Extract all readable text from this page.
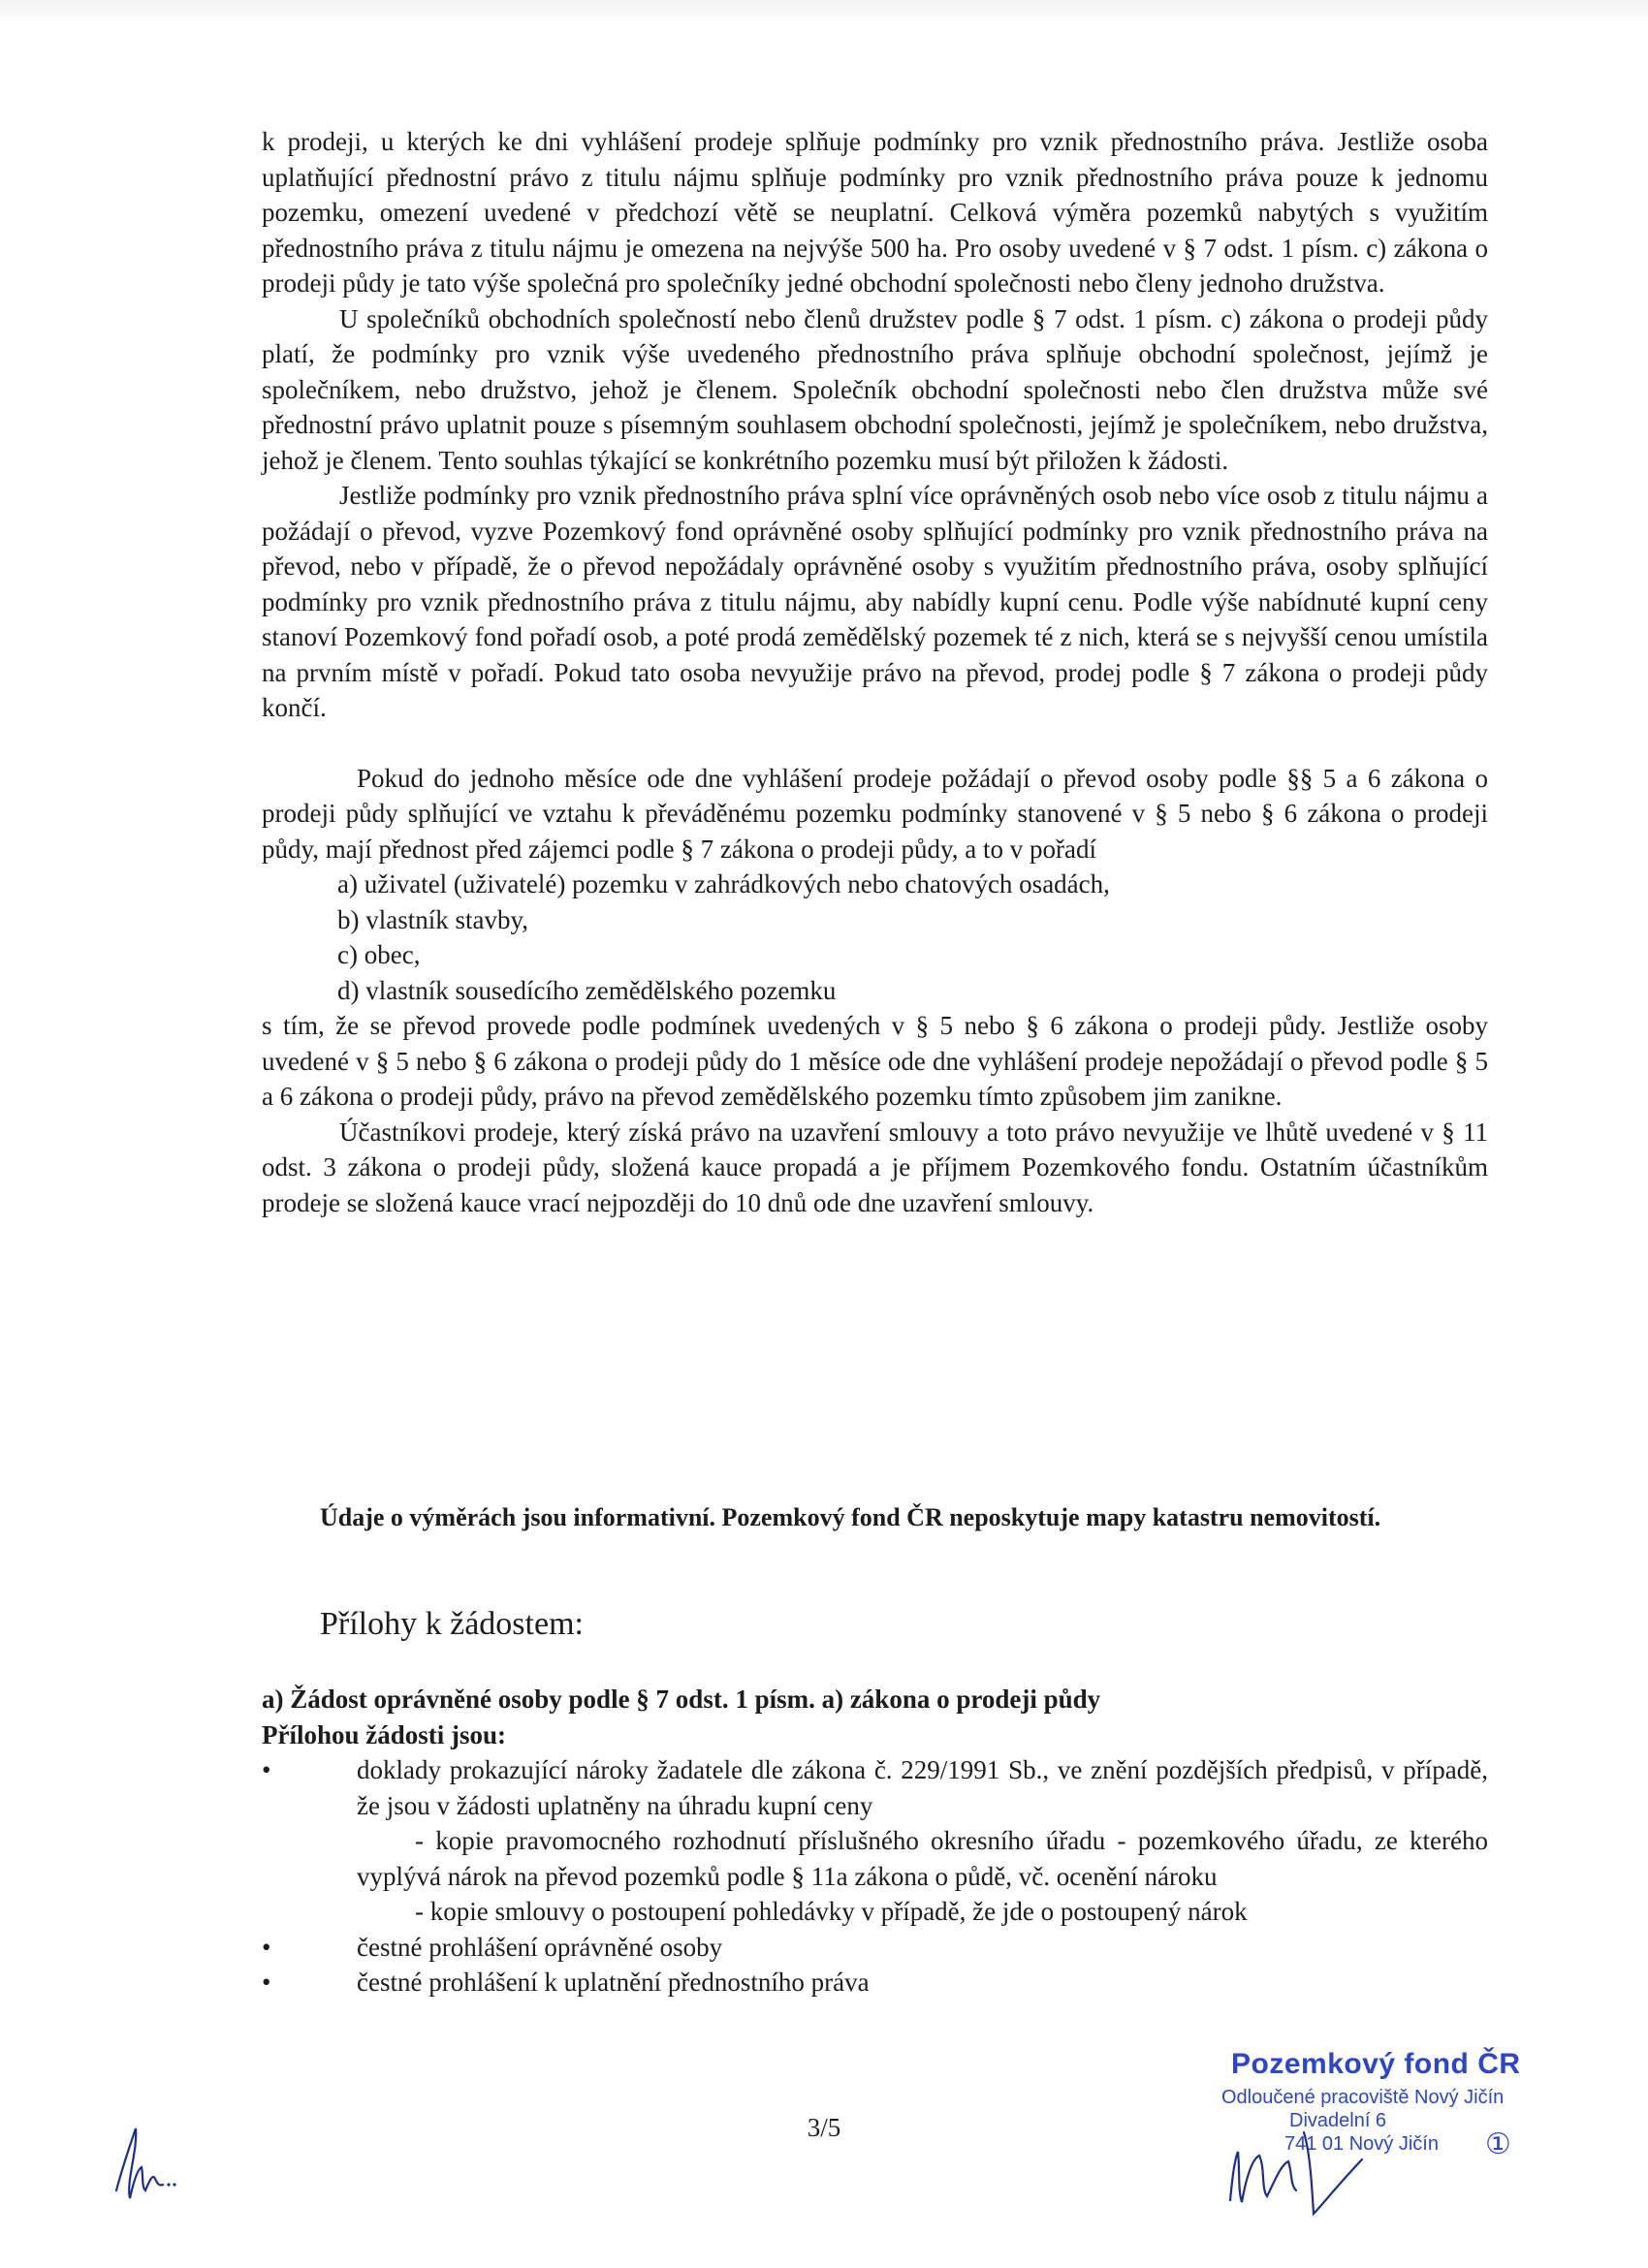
k prodeji, u kterých ke dni vyhlášení prodeje splňuje podmínky pro vznik přednostního práva. Jestliže osoba uplatňující přednostní právo z titulu nájmu splňuje podmínky pro vznik přednostního práva pouze k jednomu pozemku, omezení uvedené v předchozí větě se neuplatní. Celková výměra pozemků nabytých s využitím přednostního práva z titulu nájmu je omezena na nejvýše 500 ha. Pro osoby uvedené v § 7 odst. 1 písm. c) zákona o prodeji půdy je tato výše společná pro společníky jedné obchodní společnosti nebo členy jednoho družstva.

U společníků obchodních společností nebo členů družstev podle § 7 odst. 1 písm. c) zákona o prodeji půdy platí, že podmínky pro vznik výše uvedeného přednostního práva splňuje obchodní společnost, jejímž je společníkem, nebo družstvo, jehož je členem. Společník obchodní společnosti nebo člen družstva může své přednostní právo uplatnit pouze s písemným souhlasem obchodní společnosti, jejímž je společníkem, nebo družstva, jehož je členem. Tento souhlas týkající se konkrétního pozemku musí být přiložen k žádosti.

Jestliže podmínky pro vznik přednostního práva splní více oprávněných osob nebo více osob z titulu nájmu a požádají o převod, vyzve Pozemkový fond oprávněné osoby splňující podmínky pro vznik přednostního práva na převod, nebo v případě, že o převod nepožádaly oprávněné osoby s využitím přednostního práva, osoby splňující podmínky pro vznik přednostního práva z titulu nájmu, aby nabídly kupní cenu. Podle výše nabídnuté kupní ceny stanoví Pozemkový fond pořadí osob, a poté prodá zemědělský pozemek té z nich, která se s nejvyšší cenou umístila na prvním místě v pořadí. Pokud tato osoba nevyužije právo na převod, prodej podle § 7 zákona o prodeji půdy končí.

Pokud do jednoho měsíce ode dne vyhlášení prodeje požádají o převod osoby podle §§ 5 a 6 zákona o prodeji půdy splňující ve vztahu k převáděnému pozemku podmínky stanovené v § 5 nebo § 6 zákona o prodeji půdy, mají přednost před zájemci podle § 7 zákona o prodeji půdy, a to v pořadí

a) uživatel (uživatelé) pozemku v zahrádkových nebo chatových osadách,

b) vlastník stavby,

c) obec,

d) vlastník sousedícího zemědělského pozemku

s tím, že se převod provede podle podmínek uvedených v § 5 nebo § 6 zákona o prodeji půdy. Jestliže osoby uvedené v § 5 nebo § 6 zákona o prodeji půdy do 1 měsíce ode dne vyhlášení prodeje nepožádají o převod podle § 5 a 6 zákona o prodeji půdy, právo na převod zemědělského pozemku tímto způsobem jim zanikne.

Účastníkovi prodeje, který získá právo na uzavření smlouvy a toto právo nevyužije ve lhůtě uvedené v § 11 odst. 3 zákona o prodeji půdy, složená kauce propadá a je příjmem Pozemkového fondu. Ostatním účastníkům prodeje se složená kauce vrací nejpozději do 10 dnů ode dne uzavření smlouvy.

Údaje o výměrách jsou informativní. Pozemkový fond ČR neposkytuje mapy katastru nemovitostí.
Přílohy k žádostem:

a) Žádost oprávněné osoby podle § 7 odst. 1 písm. a) zákona o prodeji půdy

Přílohou žádosti jsou:

•	doklady prokazující nároky žadatele dle zákona č. 229/1991 Sb., ve znění pozdějších předpisů, v případě, že jsou v žádosti uplatněny na úhradu kupní ceny

- kopie pravomocného rozhodnutí příslušného okresního úřadu - pozemkového úřadu, ze kterého vyplývá nárok na převod pozemků podle § 11a zákona o půdě, vč. ocenění nároku

- kopie smlouvy o postoupení pohledávky v případě, že jde o postoupený nárok

•	čestné prohlášení oprávněné osoby

•	čestné prohlášení k uplatnění přednostního práva

3/5
Pozemkový fond ČR
Odloučené pracoviště Nový Jičín
Divadelní 6
741 01 Nový Jičín ①
